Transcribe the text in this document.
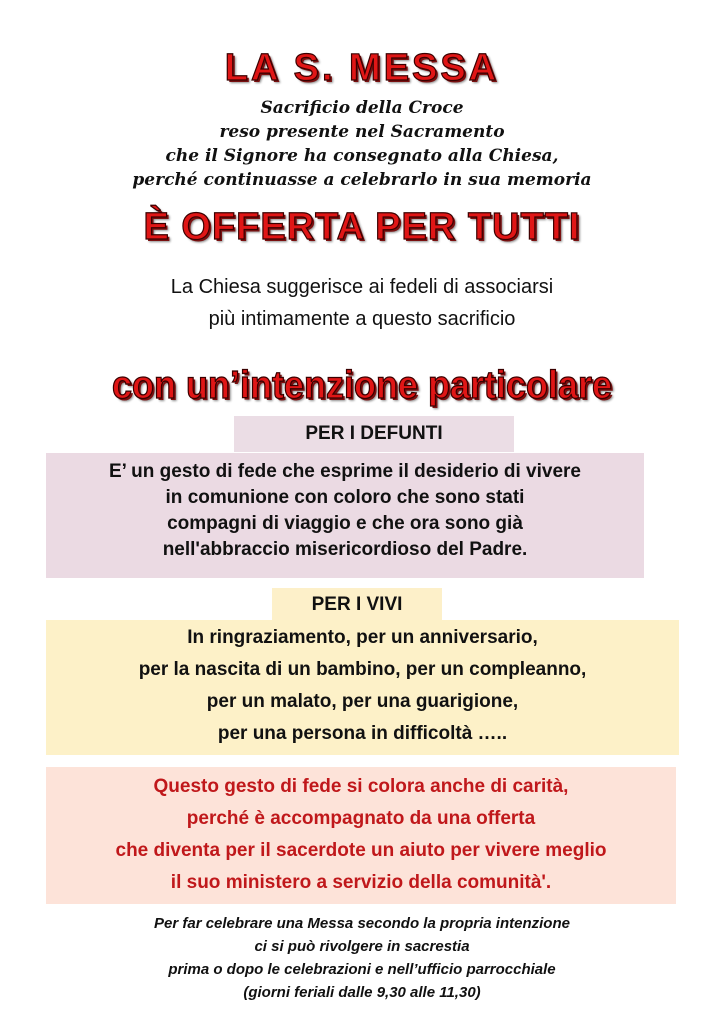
LA S. MESSA
Sacrificio della Croce
reso presente nel Sacramento
che il Signore ha consegnato alla Chiesa,
perché continuasse a celebrarlo in sua memoria
È OFFERTA PER TUTTI
La Chiesa suggerisce ai fedeli di associarsi
più intimamente a questo sacrificio
con un’intenzione particolare
PER I DEFUNTI
E’ un gesto di fede che esprime il desiderio di vivere
in comunione con coloro che sono stati
compagni di viaggio e che ora sono già
nell'abbraccio misericordioso del Padre.
PER I VIVI
In ringraziamento, per un anniversario,
per la nascita di un bambino, per un compleanno,
per un malato, per una guarigione,
per una persona in difficoltà …..
Questo gesto di fede si colora anche di carità,
perché è accompagnato da una offerta
che diventa per il sacerdote un aiuto per vivere meglio
il suo ministero a servizio della comunità'.
Per far celebrare una Messa secondo la propria intenzione
ci si può rivolgere in sacrestia
prima o dopo le celebrazioni e nell’ufficio parrocchiale
(giorni feriali dalle 9,30 alle 11,30)
